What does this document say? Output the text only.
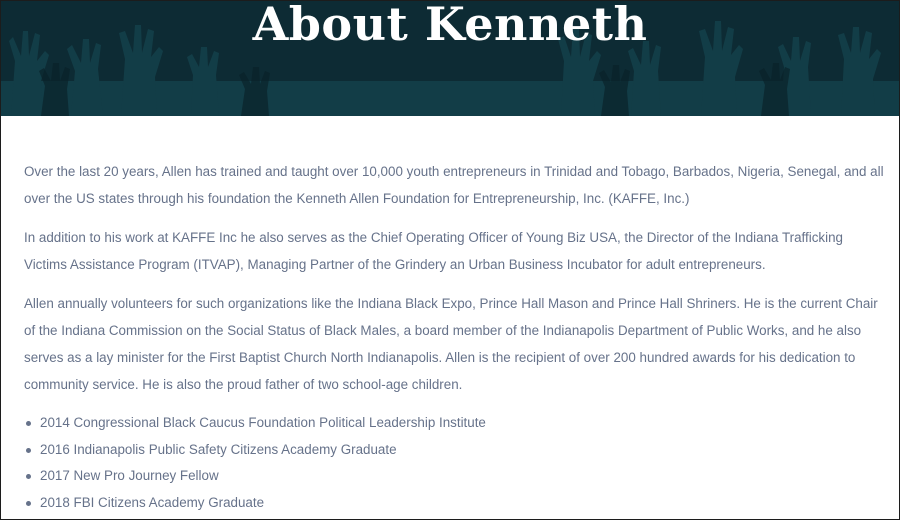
About Kenneth

Over the last 20 years, Allen has trained and taught over 10,000 youth entrepreneurs in Trinidad and Tobago, Barbados, Nigeria, Senegal, and all over the US states through his foundation the Kenneth Allen Foundation for Entrepreneurship, Inc. (KAFFE, Inc.)

In addition to his work at KAFFE Inc he also serves as the Chief Operating Officer of Young Biz USA, the Director of the Indiana Trafficking Victims Assistance Program (ITVAP), Managing Partner of the Grindery an Urban Business Incubator for adult entrepreneurs.

Allen annually volunteers for such organizations like the Indiana Black Expo, Prince Hall Mason and Prince Hall Shriners. He is the current Chair of the Indiana Commission on the Social Status of Black Males, a board member of the Indianapolis Department of Public Works, and he also serves as a lay minister for the First Baptist Church North Indianapolis. Allen is the recipient of over 200 hundred awards for his dedication to community service. He is also the proud father of two school-age children.

2014 Congressional Black Caucus Foundation Political Leadership Institute
2016 Indianapolis Public Safety Citizens Academy Graduate
2017 New Pro Journey Fellow
2018 FBI Citizens Academy Graduate
